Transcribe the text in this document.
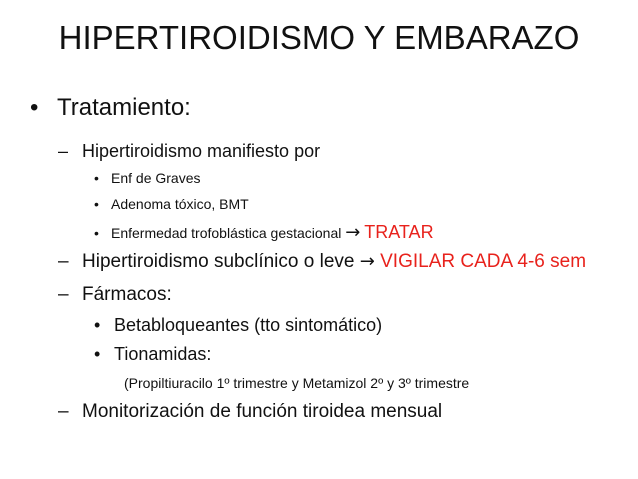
HIPERTIROIDISMO Y EMBARAZO
• Tratamiento:
– Hipertiroidismo manifiesto por
• Enf de Graves
• Adenoma tóxico, BMT
• Enfermedad trofoblástica gestacional → TRATAR
– Hipertiroidismo subclínico o leve → VIGILAR CADA 4-6 sem
– Fármacos:
• Betabloqueantes (tto sintomático)
• Tionamidas:
(Propiltiuracilo 1º trimestre y Metamizol 2º y 3º trimestre
– Monitorización de función tiroidea mensual
